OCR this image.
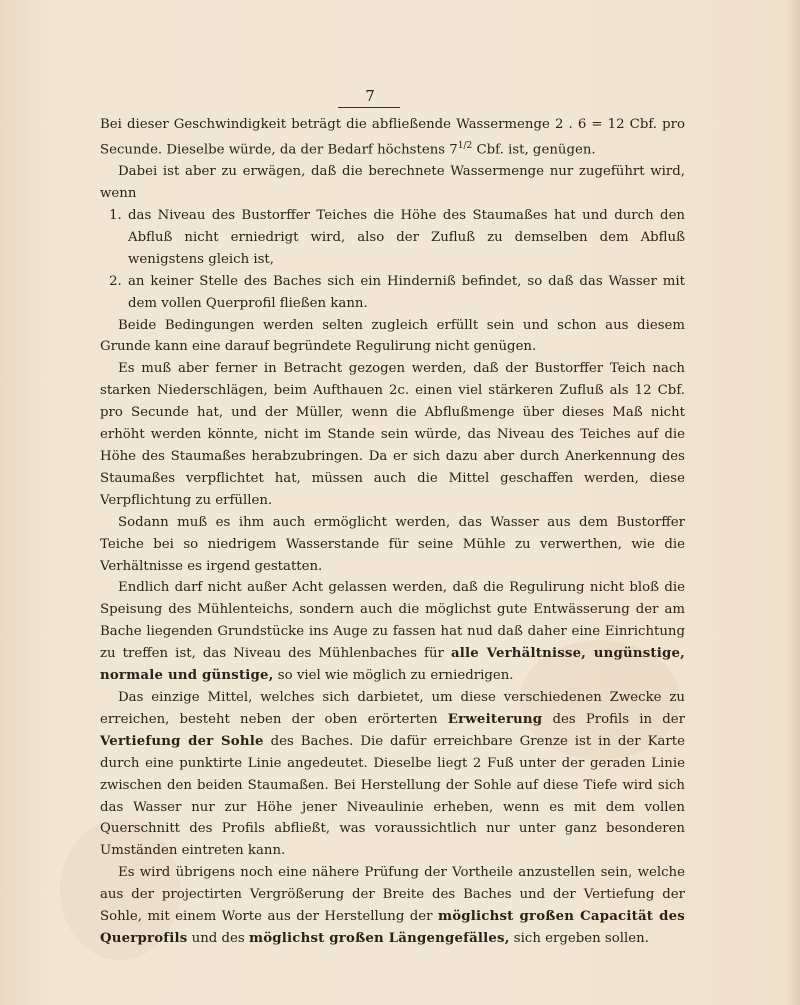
7

Bei dieser Geschwindigkeit beträgt die abfließende Wassermenge 2 . 6 = 12 Cbf. pro Secunde. Dieselbe würde, da der Bedarf höchstens $7^{1/2}$ Cbf. ist, genügen.

Dabei ist aber zu erwägen, daß die berechnete Wassermenge nur zugeführt wird, wenn

1. das Niveau des Bustorffer Teiches die Höhe des Staumaßes hat und durch den Abfluß nicht erniedrigt wird, also der Zufluß zu demselben dem Abfluß wenigstens gleich ist,
2. an keiner Stelle des Baches sich ein Hinderniß befindet, so daß das Wasser mit dem vollen Querprofil fließen kann.

Beide Bedingungen werden selten zugleich erfüllt sein und schon aus diesem Grunde kann eine darauf begründete Regulirung nicht genügen.

Es muß aber ferner in Betracht gezogen werden, daß der Bustorffer Teich nach starken Niederschlägen, beim Aufthauen 2c. einen viel stärkeren Zufluß als 12 Cbf. pro Secunde hat, und der Müller, wenn die Abflußmenge über dieses Maß nicht erhöht werden könnte, nicht im Stande sein würde, das Niveau des Teiches auf die Höhe des Staumaßes herabzubringen. Da er sich dazu aber durch Anerkennung des Staumaßes verpflichtet hat, müssen auch die Mittel geschaffen werden, diese Verpflichtung zu erfüllen.

Sodann muß es ihm auch ermöglicht werden, das Wasser aus dem Bustorffer Teiche bei so niedrigem Wasserstande für seine Mühle zu verwerthen, wie die Verhältnisse es irgend gestatten.

Endlich darf nicht außer Acht gelassen werden, daß die Regulirung nicht bloß die Speisung des Mühlenteichs, sondern auch die möglichst gute Entwässerung der am Bache liegenden Grundstücke ins Auge zu fassen hat nud daß daher eine Einrichtung zu treffen ist, das Niveau des Mühlenbaches für alle Verhältnisse, ungünstige, normale und günstige, so viel wie möglich zu erniedrigen.

Das einzige Mittel, welches sich darbietet, um diese verschiedenen Zwecke zu erreichen, besteht neben der oben erörterten Erweiterung des Profils in der Vertiefung der Sohle des Baches. Die dafür erreichbare Grenze ist in der Karte durch eine punktirte Linie angedeutet. Dieselbe liegt 2 Fuß unter der geraden Linie zwischen den beiden Staumaßen. Bei Herstellung der Sohle auf diese Tiefe wird sich das Wasser nur zur Höhe jener Niveaulinie erheben, wenn es mit dem vollen Querschnitt des Profils abfließt, was voraussichtlich nur unter ganz besonderen Umständen eintreten kann.

Es wird übrigens noch eine nähere Prüfung der Vortheile anzustellen sein, welche aus der projectirten Vergrößerung der Breite des Baches und der Vertiefung der Sohle, mit einem Worte aus der Herstellung der möglichst großen Capacität des Querprofils und des möglichst großen Längengefälles, sich ergeben sollen.
